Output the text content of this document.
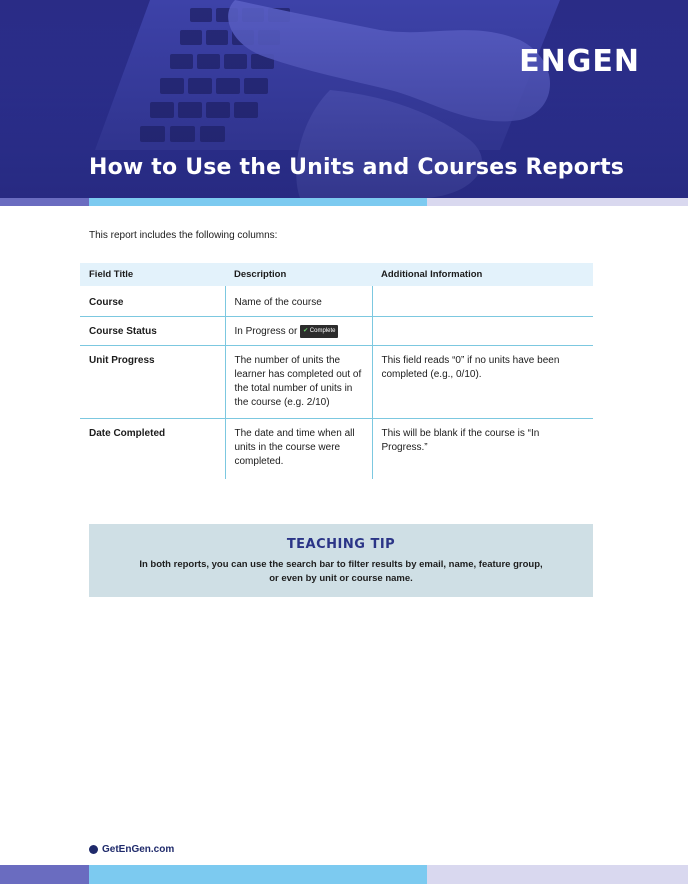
ENGEN
How to Use the Units and Courses Reports

This report includes the following columns:

Field Title	Description	Additional Information
Course	Name of the course	
Course Status	In Progress or ✔ Complete	
Unit Progress	The number of units the learner has completed out of the total number of units in the course (e.g. 2/10)	This field reads “0” if no units have been completed (e.g., 0/10).
Date Completed	The date and time when all units in the course were completed.	This will be blank if the course is “In Progress.”
TEACHING TIP

In both reports, you can use the search bar to filter results by email, name, feature group,

or even by unit or course name.

GetEnGen.com
